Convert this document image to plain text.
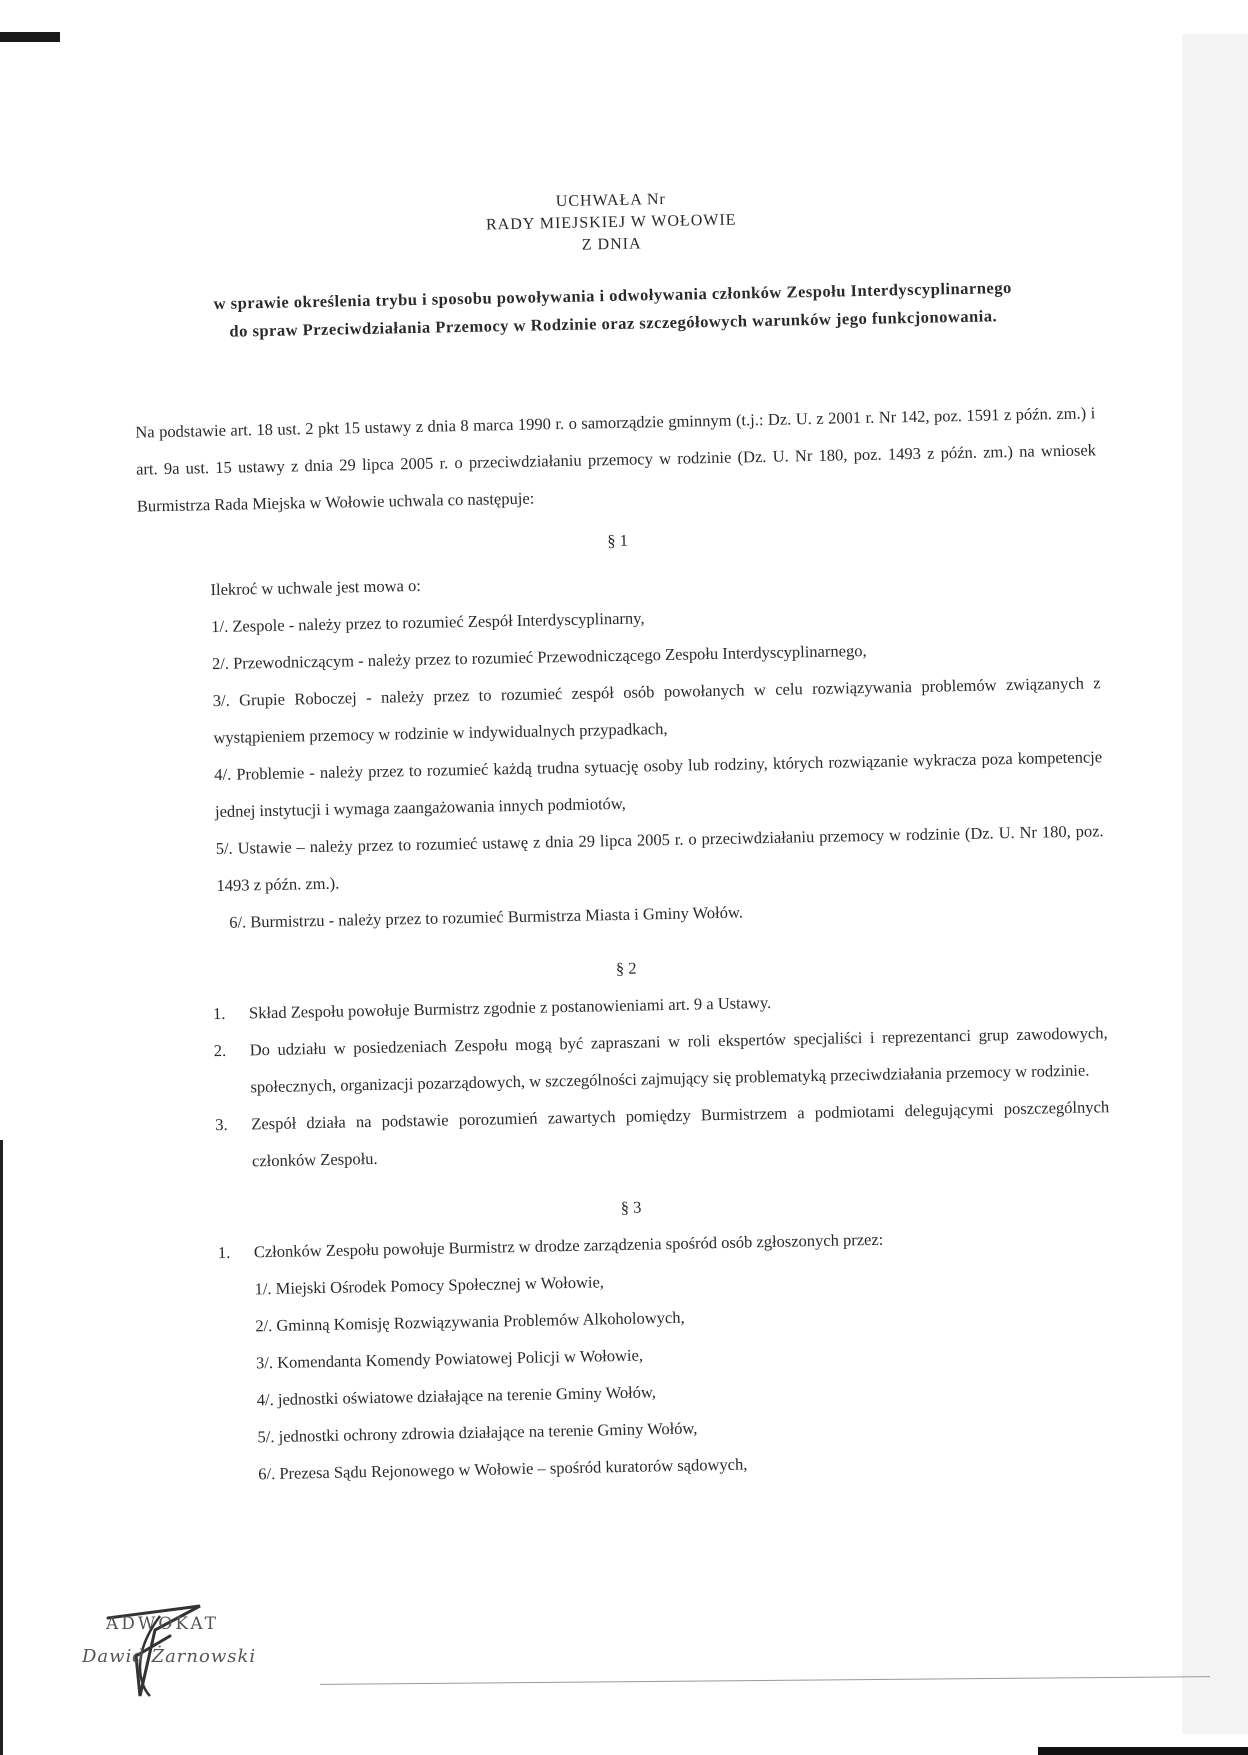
UCHWAŁA Nr
RADY MIEJSKIEJ W WOŁOWIE
Z DNIA
w sprawie określenia trybu i sposobu powoływania i odwoływania członków Zespołu Interdyscyplinarnego
do spraw Przeciwdziałania Przemocy w Rodzinie oraz szczegółowych warunków jego funkcjonowania.
Na podstawie art. 18 ust. 2 pkt 15 ustawy z dnia 8 marca 1990 r. o samorządzie gminnym (t.j.: Dz. U. z 2001 r. Nr 142, poz. 1591 z późn. zm.) i art. 9a ust. 15 ustawy z dnia 29 lipca 2005 r. o przeciwdziałaniu przemocy w rodzinie (Dz. U. Nr 180, poz. 1493 z późn. zm.) na wniosek Burmistrza Rada Miejska w Wołowie uchwala co następuje:
§ 1
Ilekroć w uchwale jest mowa o:
1/. Zespole - należy przez to rozumieć Zespół Interdyscyplinarny,
2/. Przewodniczącym - należy przez to rozumieć Przewodniczącego Zespołu Interdyscyplinarnego,
3/. Grupie Roboczej - należy przez to rozumieć zespół osób powołanych w celu rozwiązywania problemów związanych z wystąpieniem przemocy w rodzinie w indywidualnych przypadkach,
4/. Problemie - należy przez to rozumieć każdą trudna sytuację osoby lub rodziny, których rozwiązanie wykracza poza kompetencje jednej instytucji i wymaga zaangażowania innych podmiotów,
5/. Ustawie – należy przez to rozumieć ustawę z dnia 29 lipca 2005 r. o przeciwdziałaniu przemocy w rodzinie (Dz. U. Nr 180, poz. 1493 z późn. zm.).
6/. Burmistrzu - należy przez to rozumieć Burmistrza Miasta i Gminy Wołów.
§ 2
1.	Skład Zespołu powołuje Burmistrz zgodnie z postanowieniami art. 9 a Ustawy.
2.	Do udziału w posiedzeniach Zespołu mogą być zapraszani w roli ekspertów specjaliści i reprezentanci grup zawodowych, społecznych, organizacji pozarządowych, w szczególności zajmujący się problematyką przeciwdziałania przemocy w rodzinie.
3.	Zespół działa na podstawie porozumień zawartych pomiędzy Burmistrzem a podmiotami delegującymi poszczególnych członków Zespołu.
§ 3
1.	Członków Zespołu powołuje Burmistrz w drodze zarządzenia spośród osób zgłoszonych przez:
1/. Miejski Ośrodek Pomocy Społecznej w Wołowie,
2/. Gminną Komisję Rozwiązywania Problemów Alkoholowych,
3/. Komendanta Komendy Powiatowej Policji w Wołowie,
4/. jednostki oświatowe działające na terenie Gminy Wołów,
5/. jednostki ochrony zdrowia działające na terenie Gminy Wołów,
6/. Prezesa Sądu Rejonowego w Wołowie – spośród kuratorów sądowych,
ADWOKAT
Dawid Żarnowski
